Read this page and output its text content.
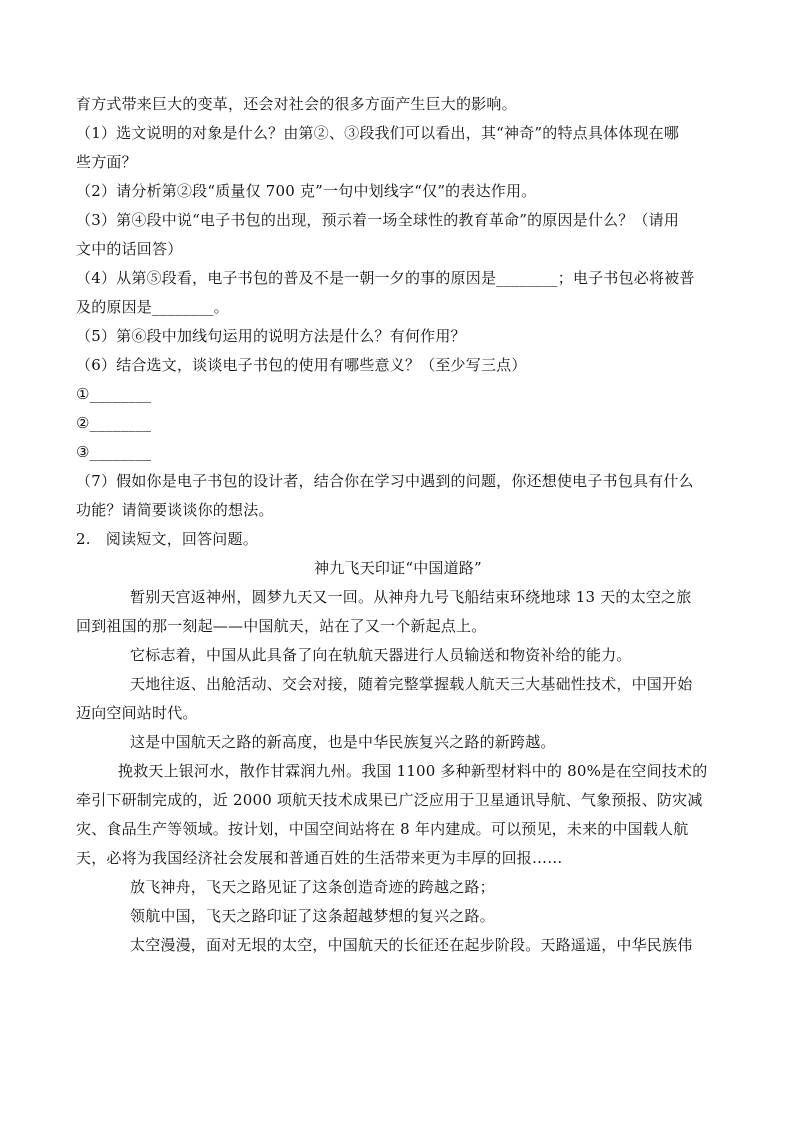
育方式带来巨大的变革，还会对社会的很多方面产生巨大的影响。
（1）选文说明的对象是什么？由第②、③段我们可以看出，其“神奇”的特点具体体现在哪
些方面？
（2）请分析第②段“质量仅 700 克”一句中划线字“仅”的表达作用。
（3）第④段中说“电子书包的出现，预示着一场全球性的教育革命”的原因是什么？（请用
文中的话回答）
（4）从第⑤段看，电子书包的普及不是一朝一夕的事的原因是________；电子书包必将被普
及的原因是________。
（5）第⑥段中加线句运用的说明方法是什么？有何作用？
（6）结合选文，谈谈电子书包的使用有哪些意义？（至少写三点）
①________
②________
③________
（7）假如你是电子书包的设计者，结合你在学习中遇到的问题，你还想使电子书包具有什么
功能？请简要谈谈你的想法。
2.　阅读短文，回答问题。
神九飞天印证“中国道路”
暂别天宫返神州，圆梦九天又一回。从神舟九号飞船结束环绕地球 13 天的太空之旅
回到祖国的那一刻起——中国航天，站在了又一个新起点上。
它标志着，中国从此具备了向在轨航天器进行人员输送和物资补给的能力。
天地往返、出舱活动、交会对接，随着完整掌握载人航天三大基础性技术，中国开始
迈向空间站时代。
这是中国航天之路的新高度，也是中华民族复兴之路的新跨越。
挽救天上银河水，散作甘霖润九州。我国 1100 多种新型材料中的 80%是在空间技术的
牵引下研制完成的，近 2000 项航天技术成果已广泛应用于卫星通讯导航、气象预报、防灾减
灾、食品生产等领域。按计划，中国空间站将在 8 年内建成。可以预见，未来的中国载人航
天，必将为我国经济社会发展和普通百姓的生活带来更为丰厚的回报……
放飞神舟，飞天之路见证了这条创造奇迹的跨越之路；
领航中国，飞天之路印证了这条超越梦想的复兴之路。
太空漫漫，面对无垠的太空，中国航天的长征还在起步阶段。天路遥遥，中华民族伟
